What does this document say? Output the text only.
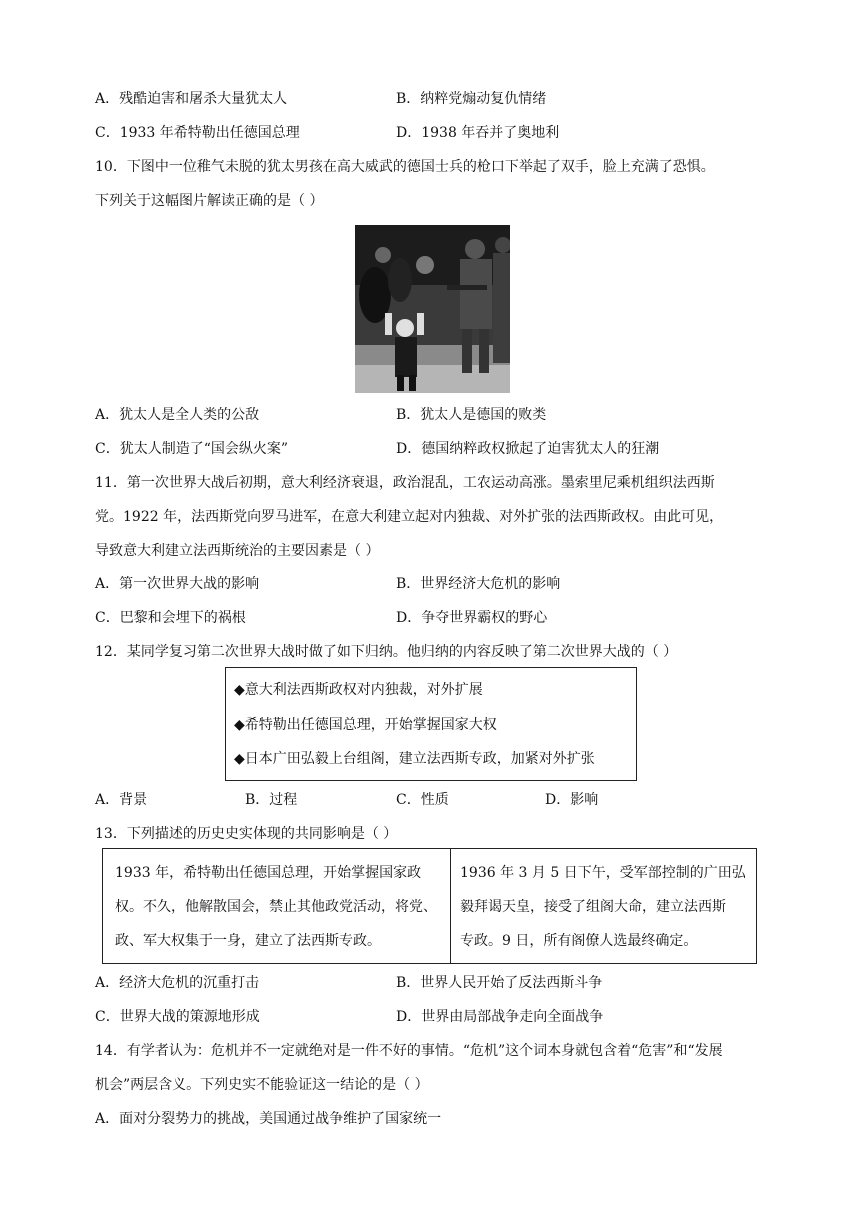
A．残酷迫害和屠杀大量犹太人	B．纳粹党煽动复仇情绪
C．1933 年希特勒出任德国总理	D．1938 年吞并了奥地利
10．下图中一位稚气未脱的犹太男孩在高大威武的德国士兵的枪口下举起了双手，脸上充满了恐惧。
下列关于这幅图片解读正确的是（ ）
A．犹太人是全人类的公敌	B．犹太人是德国的败类
C．犹太人制造了“国会纵火案”	D．德国纳粹政权掀起了迫害犹太人的狂潮
11．第一次世界大战后初期，意大利经济衰退，政治混乱，工农运动高涨。墨索里尼乘机组织法西斯
党。1922 年，法西斯党向罗马进军，在意大利建立起对内独裁、对外扩张的法西斯政权。由此可见，
导致意大利建立法西斯统治的主要因素是（ ）
A．第一次世界大战的影响	B．世界经济大危机的影响
C．巴黎和会埋下的祸根	D．争夺世界霸权的野心
12．某同学复习第二次世界大战时做了如下归纳。他归纳的内容反映了第二次世界大战的（ ）
◆意大利法西斯政权对内独裁，对外扩展
◆希特勒出任德国总理，开始掌握国家大权
◆日本广田弘毅上台组阁，建立法西斯专政，加紧对外扩张
A．背景	B．过程	C．性质	D．影响
13．下列描述的历史史实体现的共同影响是（ ）
1933 年，希特勒出任德国总理，开始掌握国家政
权。不久，他解散国会，禁止其他政党活动，将党、
政、军大权集于一身，建立了法西斯专政。
1936 年 3 月 5 日下午，受军部控制的广田弘
毅拜谒天皇，接受了组阁大命，建立法西斯
专政。9 日，所有阁僚人选最终确定。
A．经济大危机的沉重打击	B．世界人民开始了反法西斯斗争
C．世界大战的策源地形成	D．世界由局部战争走向全面战争
14．有学者认为：危机并不一定就绝对是一件不好的事情。“危机”这个词本身就包含着“危害”和“发展
机会”两层含义。下列史实不能验证这一结论的是（ ）
A．面对分裂势力的挑战，美国通过战争维护了国家统一
